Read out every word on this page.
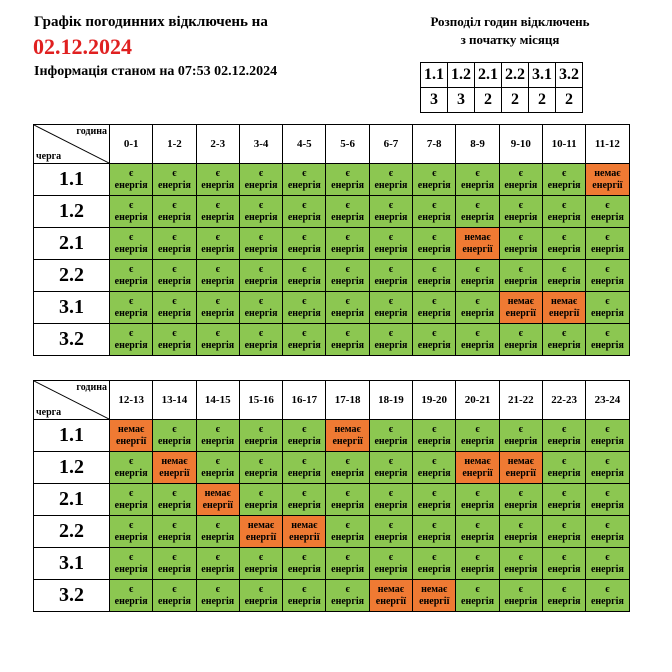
Графік погодинних відключень на
02.12.2024
Інформація станом на 07:53 02.12.2024
Розподіл годин відключень
з початку місяця
1.1	1.2	2.1	2.2	3.1	3.2
3	3	2	2	2	2
година
черга	0-1	1-2	2-3	3-4	4-5	5-6	6-7	7-8	8-9	9-10	10-11	11-12
1.1	є
енергія	є
енергія	є
енергія	є
енергія	є
енергія	є
енергія	є
енергія	є
енергія	є
енергія	є
енергія	є
енергія	немає
енергії

1.2	є
енергія	є
енергія	є
енергія	є
енергія	є
енергія	є
енергія	є
енергія	є
енергія	є
енергія	є
енергія	є
енергія	є
енергія

2.1	є
енергія	є
енергія	є
енергія	є
енергія	є
енергія	є
енергія	є
енергія	є
енергія	немає
енергії	є
енергія	є
енергія	є
енергія

2.2	є
енергія	є
енергія	є
енергія	є
енергія	є
енергія	є
енергія	є
енергія	є
енергія	є
енергія	є
енергія	є
енергія	є
енергія

3.1	є
енергія	є
енергія	є
енергія	є
енергія	є
енергія	є
енергія	є
енергія	є
енергія	є
енергія	немає
енергії	немає
енергії	є
енергія

3.2	є
енергія	є
енергія	є
енергія	є
енергія	є
енергія	є
енергія	є
енергія	є
енергія	є
енергія	є
енергія	є
енергія	є
енергія
година
черга	12-13	13-14	14-15	15-16	16-17	17-18	18-19	19-20	20-21	21-22	22-23	23-24
1.1	немає
енергії	є
енергія	є
енергія	є
енергія	є
енергія	немає
енергії	є
енергія	є
енергія	є
енергія	є
енергія	є
енергія	є
енергія

1.2	є
енергія	немає
енергії	є
енергія	є
енергія	є
енергія	є
енергія	є
енергія	є
енергія	немає
енергії	немає
енергії	є
енергія	є
енергія

2.1	є
енергія	є
енергія	немає
енергії	є
енергія	є
енергія	є
енергія	є
енергія	є
енергія	є
енергія	є
енергія	є
енергія	є
енергія

2.2	є
енергія	є
енергія	є
енергія	немає
енергії	немає
енергії	є
енергія	є
енергія	є
енергія	є
енергія	є
енергія	є
енергія	є
енергія

3.1	є
енергія	є
енергія	є
енергія	є
енергія	є
енергія	є
енергія	є
енергія	є
енергія	є
енергія	є
енергія	є
енергія	є
енергія

3.2	є
енергія	є
енергія	є
енергія	є
енергія	є
енергія	є
енергія	немає
енергії	немає
енергії	є
енергія	є
енергія	є
енергія	є
енергія
